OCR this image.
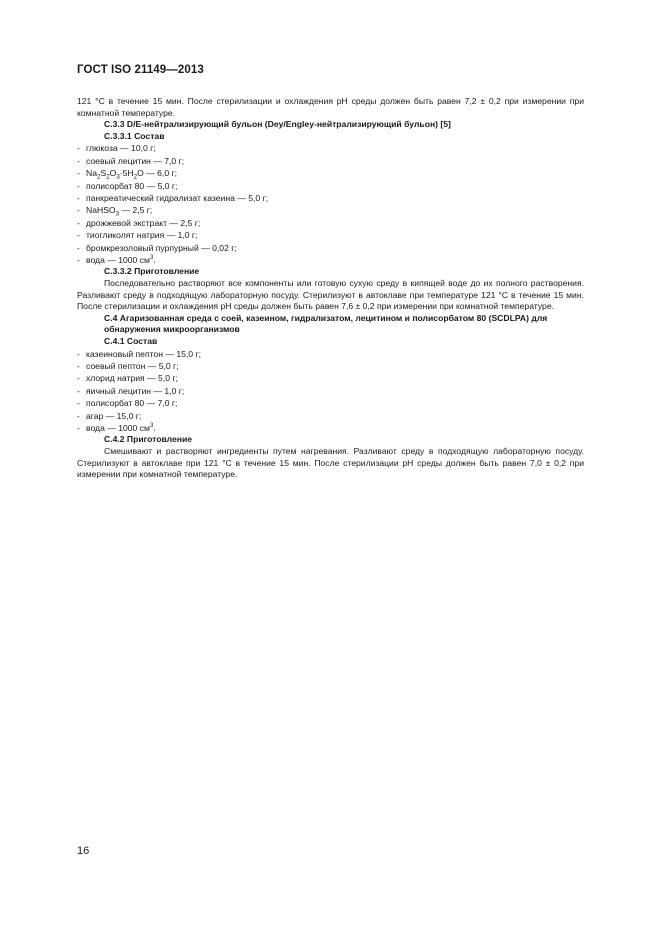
ГОСТ ISO 21149—2013

121 °С в течение 15 мин. После стерилизации и охлаждения рН среды должен быть равен 7,2 ± 0,2 при измерении при комнатной температуре.

С.3.3 D/E-нейтрализирующий бульон (Dey/Engley-нейтрализирующий бульон) [5]

С.3.3.1 Состав

- глюкоза — 10,0 г;
- соевый лецитин — 7,0 г;
- $Na_2S_2O_3\cdot 5H_2O$ — 6,0 г;
- полисорбат 80 — 5,0 г;
- панкреатический гидрализат казеина — 5,0 г;
- NaHSO$_3$ — 2,5 г;
- дрожжевой экстракт — 2,5 г;
- тиогликолят натрия — 1,0 г;
- бромкрезоловый пурпурный — 0,02 г;
- вода — 1000 $см^3$.

С.3.3.2 Приготовление

Последовательно растворяют все компоненты или готовую сухую среду в кипящей воде до их полного растворения. Разливают среду в подходящую лабораторную посуду. Стерилизуют в автоклаве при температуре 121 °С в течение 15 мин. После стерилизации и охлаждения рН среды должен быть равен 7,6 ± 0,2 при измерении при комнатной температуре.

С.4 Агаризованная среда с соей, казеином, гидрализатом, лецитином и полисорбатом 80 (SCDLPA) для обнаружения микроорганизмов

С.4.1 Состав

- казеиновый пептон — 15,0 г;
- соевый пептон — 5,0 г;
- хлорид натрия — 5,0 г;
- яичный лецитин — 1,0 г;
- полисорбат 80 — 7,0 г;
- агар — 15,0 г;
- вода — 1000 $см^3$.

С.4.2 Приготовление

Смешивают и растворяют ингредиенты путем нагревания. Разливают среду в подходящую лабораторную посуду. Стерилизуют в автоклаве при 121 °С в течение 15 мин. После стерилизации рН среды должен быть равен 7,0 ± 0,2 при измерении при комнатной температуре.

16
